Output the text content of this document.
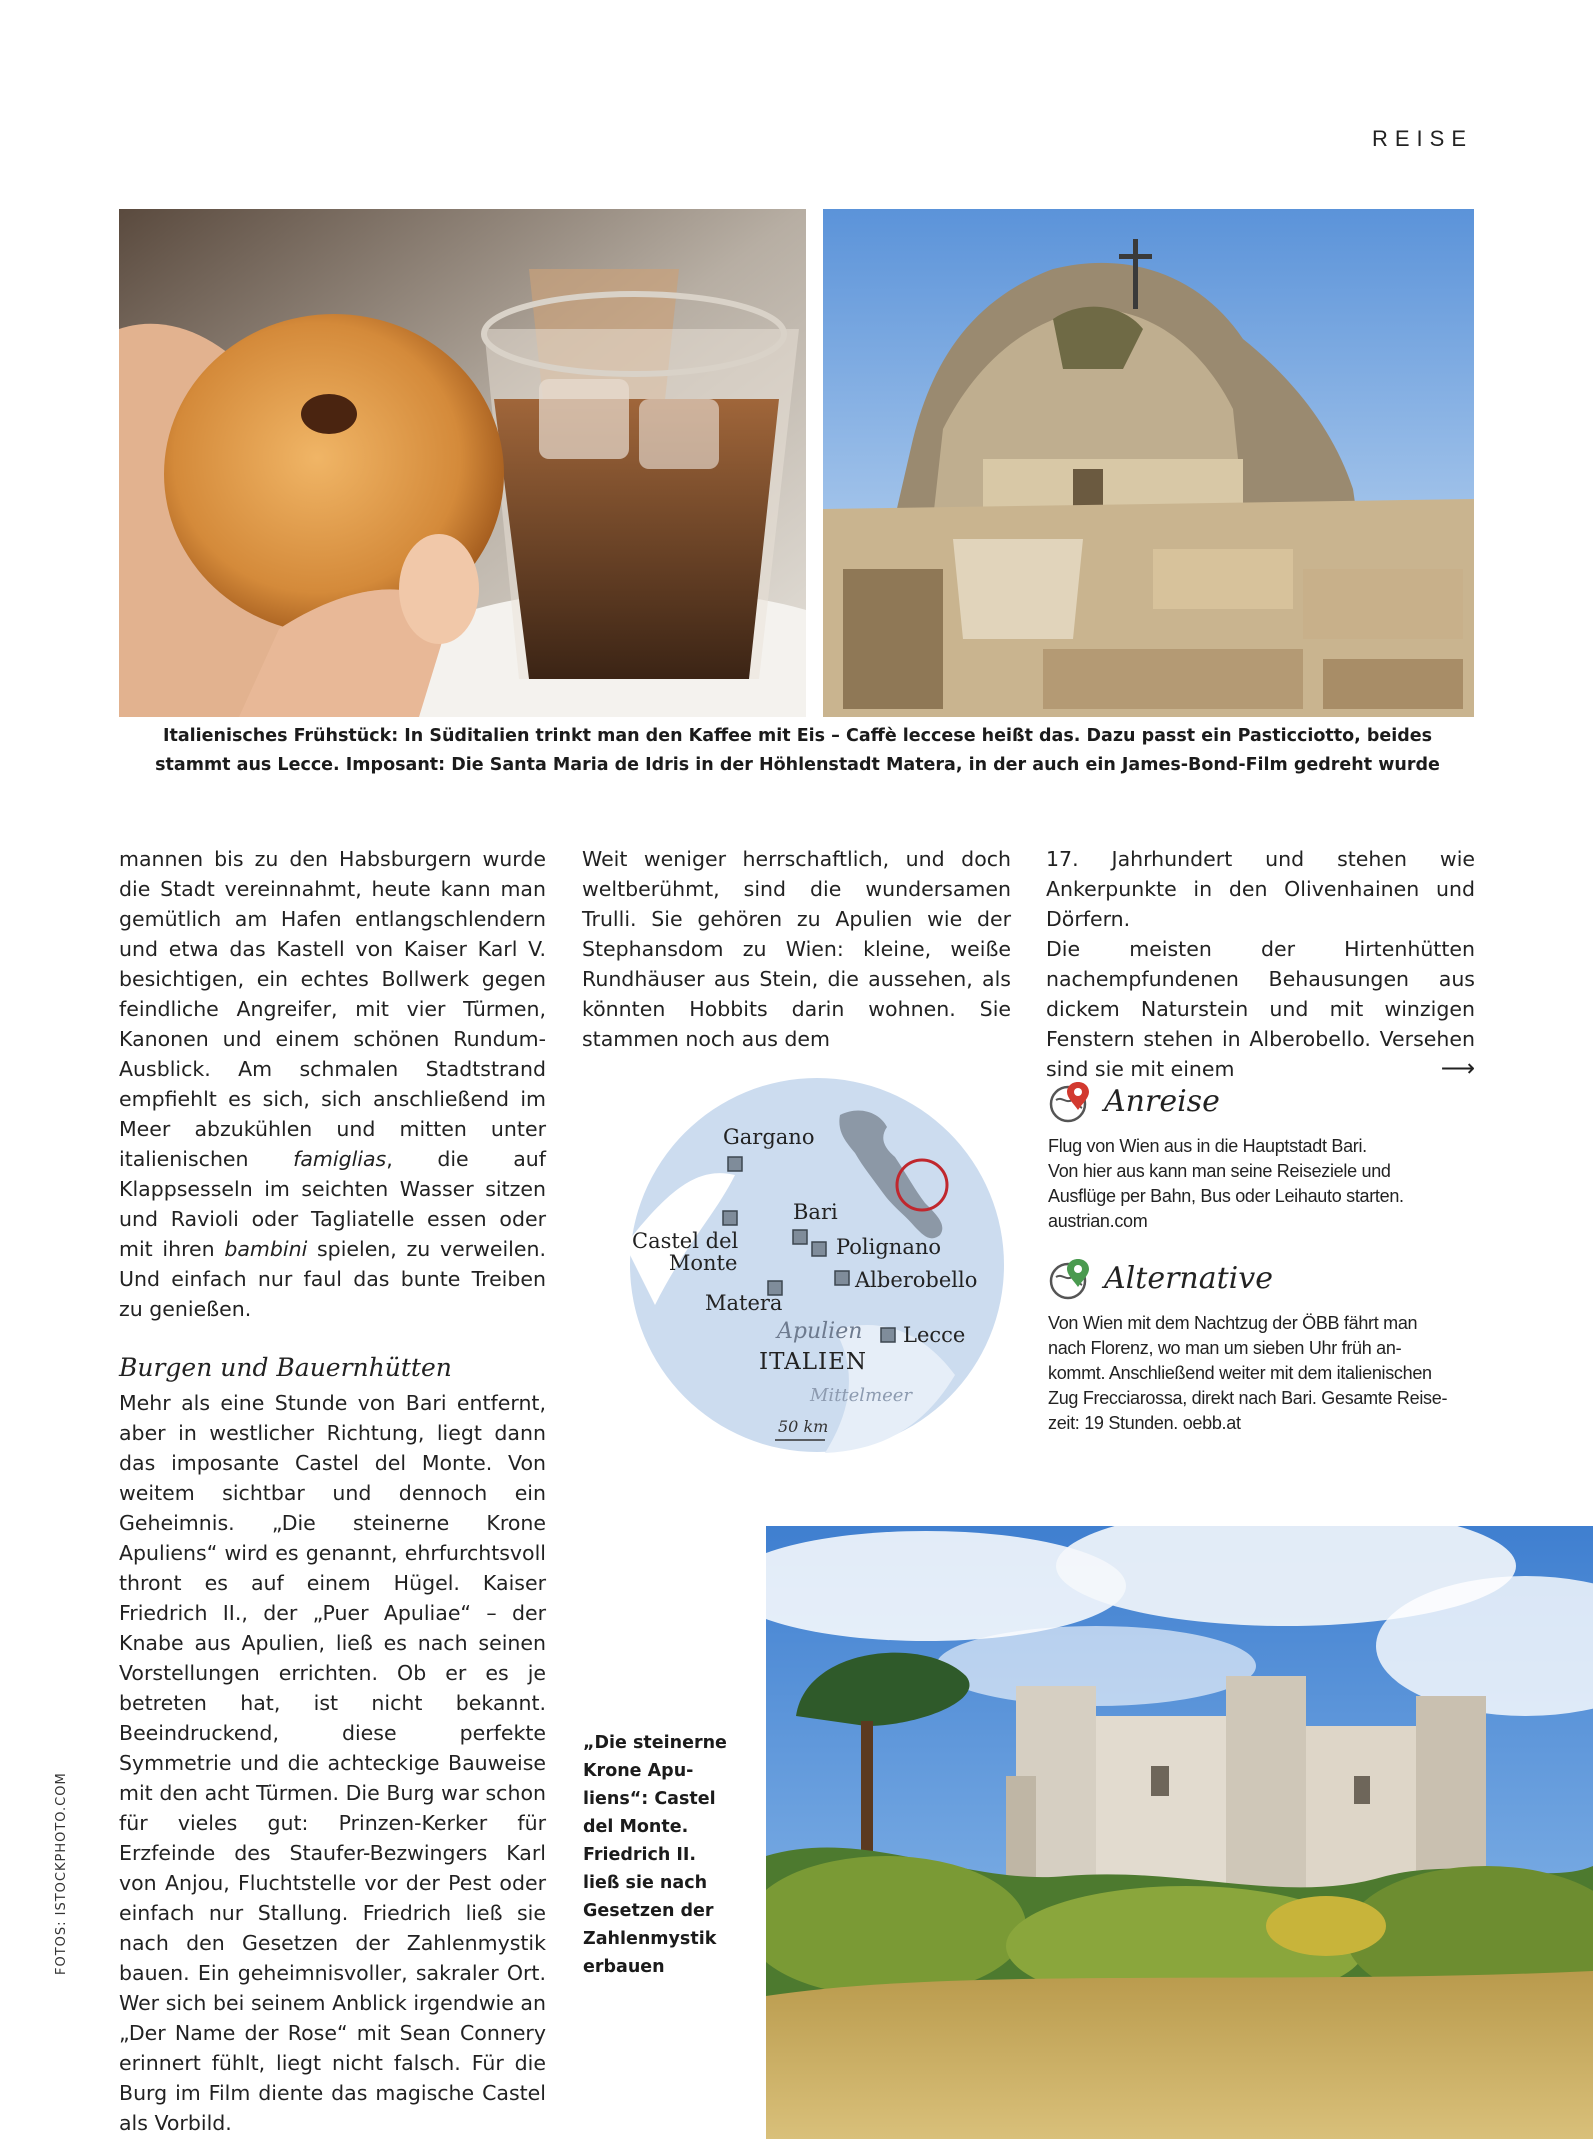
REISE
Italienisches Frühstück: In Süditalien trinkt man den Kaffee mit Eis – Caffè leccese heißt das. Dazu passt ein Pasticciotto, beides
stammt aus Lecce. Imposant: Die Santa Maria de Idris in der Höhlenstadt Matera, in der auch ein James-Bond-Film gedreht wurde

mannen bis zu den Habsburgern wurde die Stadt vereinnahmt, heute kann man gemütlich am Hafen entlangschlendern und etwa das Kastell von Kaiser Karl V. besichtigen, ein echtes Bollwerk gegen feindliche Angreifer, mit vier Türmen, Kanonen und einem schönen Rundum-Ausblick. Am schmalen Stadtstrand empfiehlt es sich, sich anschließend im Meer abzukühlen und mitten unter italienischen famiglias, die auf Klappsesseln im seichten Wasser sitzen und Ravioli oder Tagliatelle essen oder mit ihren bambini spielen, zu verweilen. Und einfach nur faul das bunte Treiben zu genießen.

Burgen und Bauernhütten

Mehr als eine Stunde von Bari entfernt, aber in westlicher Richtung, liegt dann das imposante Castel del Monte. Von weitem sichtbar und dennoch ein Geheimnis. „Die steinerne Krone Apuliens“ wird es genannt, ehrfurchtsvoll thront es auf einem Hügel. Kaiser Friedrich II., der „Puer Apuliae“ – der Knabe aus Apulien, ließ es nach seinen Vorstellungen errichten. Ob er es je betreten hat, ist nicht bekannt. Beeindruckend, diese perfekte Symmetrie und die achteckige Bauweise mit den acht Türmen. Die Burg war schon für vieles gut: Prinzen-Kerker für Erzfeinde des Staufer-Bezwingers Karl von Anjou, Fluchtstelle vor der Pest oder einfach nur Stallung. Friedrich ließ sie nach den Gesetzen der Zahlenmystik bauen. Ein geheimnisvoller, sakraler Ort. Wer sich bei seinem Anblick irgendwie an „Der Name der Rose“ mit Sean Connery erinnert fühlt, liegt nicht falsch. Für die Burg im Film diente das magische Castel als Vorbild.

Weit weniger herrschaftlich, und doch weltberühmt, sind die wundersamen Trulli. Sie gehören zu Apulien wie der Stephansdom zu Wien: kleine, weiße Rundhäuser aus Stein, die aussehen, als könnten Hobbits darin wohnen. Sie stammen noch aus dem

17. Jahrhundert und stehen wie Ankerpunkte in den Olivenhainen und Dörfern.

Die meisten der Hirtenhütten nachempfundenen Behausungen aus dickem Naturstein und mit winzigen Fenstern stehen in Alberobello. Versehen sind sie mit einem	⟶

Gargano
Bari
Castel del
Monte
Polignano
Alberobello
Matera
Lecce
Apulien
ITALIEN
Mittelmeer
50 km
Anreise
Flug von Wien aus in die Hauptstadt Bari.
Von hier aus kann man seine Reiseziele und
Ausflüge per Bahn, Bus oder Leihauto starten.
austrian.com
Alternative
Von Wien mit dem Nachtzug der ÖBB fährt man
nach Florenz, wo man um sieben Uhr früh an-
kommt. Anschließend weiter mit dem italienischen
Zug Frecciarossa, direkt nach Bari. Gesamte Reise-
zeit: 19 Stunden. oebb.at
„Die steinerne
Krone Apu-
liens“: Castel
del Monte.
Friedrich II.
ließ sie nach
Gesetzen der
Zahlenmystik
erbauen
FOTOS: ISTOCKPHOTO.COM
